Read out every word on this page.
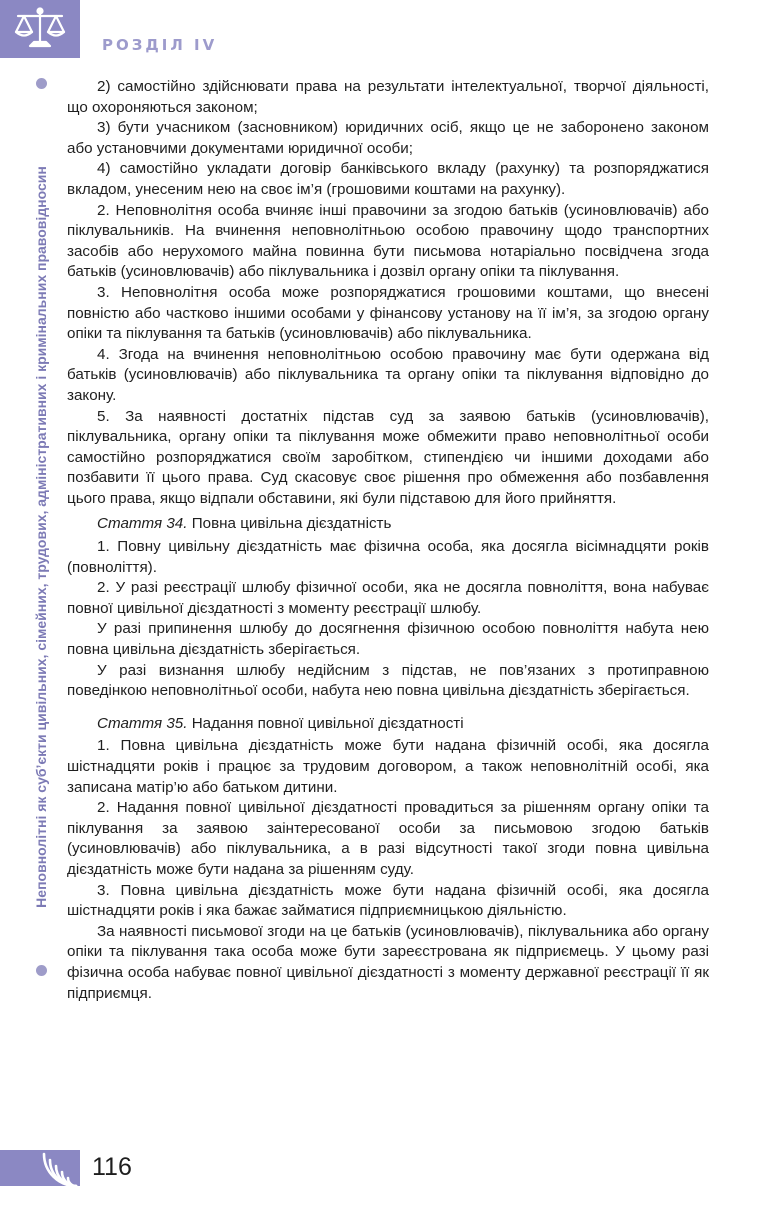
РОЗДІЛ IV
Неповнолітні як суб’єкти цивільних, сімейних, трудових, адміністративних і кримінальних правовідносин

2) самостійно здійснювати права на результати інтелектуальної, творчої діяльності, що охороняються законом;

3) бути учасником (засновником) юридичних осіб, якщо це не заборонено законом або установчими документами юридичної особи;

4) самостійно укладати договір банківського вкладу (рахунку) та розпоряджатися вкладом, унесеним нею на своє ім’я (грошовими коштами на рахунку).

2. Неповнолітня особа вчиняє інші правочини за згодою батьків (усиновлювачів) або піклувальників. На вчинення неповнолітньою особою правочину щодо транспортних засобів або нерухомого майна повинна бути письмова нотаріально посвідчена згода батьків (усиновлювачів) або піклувальника і дозвіл органу опіки та піклування.

3. Неповнолітня особа може розпоряджатися грошовими коштами, що внесені повністю або частково іншими особами у фінансову установу на її ім’я, за згодою органу опіки та піклування та батьків (усиновлювачів) або піклувальника.

4. Згода на вчинення неповнолітньою особою правочину має бути одержана від батьків (усиновлювачів) або піклувальника та органу опіки та піклування відповідно до закону.

5. За наявності достатніх підстав суд за заявою батьків (усиновлювачів), піклувальника, органу опіки та піклування може обмежити право неповнолітньої особи самостійно розпоряджатися своїм заробітком, стипендією чи іншими доходами або позбавити її цього права. Суд скасовує своє рішення про обмеження або позбавлення цього права, якщо відпали обставини, які були підставою для його прийняття.

Стаття 34. Повна цивільна дієздатність

1. Повну цивільну дієздатність має фізична особа, яка досягла вісімнадцяти років (повноліття).

2. У разі реєстрації шлюбу фізичної особи, яка не досягла повноліття, вона набуває повної цивільної дієздатності з моменту реєстрації шлюбу.

У разі припинення шлюбу до досягнення фізичною особою повноліття набута нею повна цивільна дієздатність зберігається.

У разі визнання шлюбу недійсним з підстав, не пов’язаних з протиправною поведінкою неповнолітньої особи, набута нею повна цивільна дієздатність зберігається.

Стаття 35. Надання повної цивільної дієздатності

1. Повна цивільна дієздатність може бути надана фізичній особі, яка досягла шістнадцяти років і працює за трудовим договором, а також неповнолітній особі, яка записана матір’ю або батьком дитини.

2. Надання повної цивільної дієздатності провадиться за рішенням органу опіки та піклування за заявою заінтересованої особи за письмовою згодою батьків (усиновлювачів) або піклувальника, а в разі відсутності такої згоди повна цивільна дієздатність може бути надана за рішенням суду.

3. Повна цивільна дієздатність може бути надана фізичній особі, яка досягла шістнадцяти років і яка бажає займатися підприємницькою діяльністю.

За наявності письмової згоди на це батьків (усиновлювачів), піклувальника або органу опіки та піклування така особа може бути зареєстрована як підприємець. У цьому разі фізична особа набуває повної цивільної дієздатності з моменту державної реєстрації її як підприємця.

116
